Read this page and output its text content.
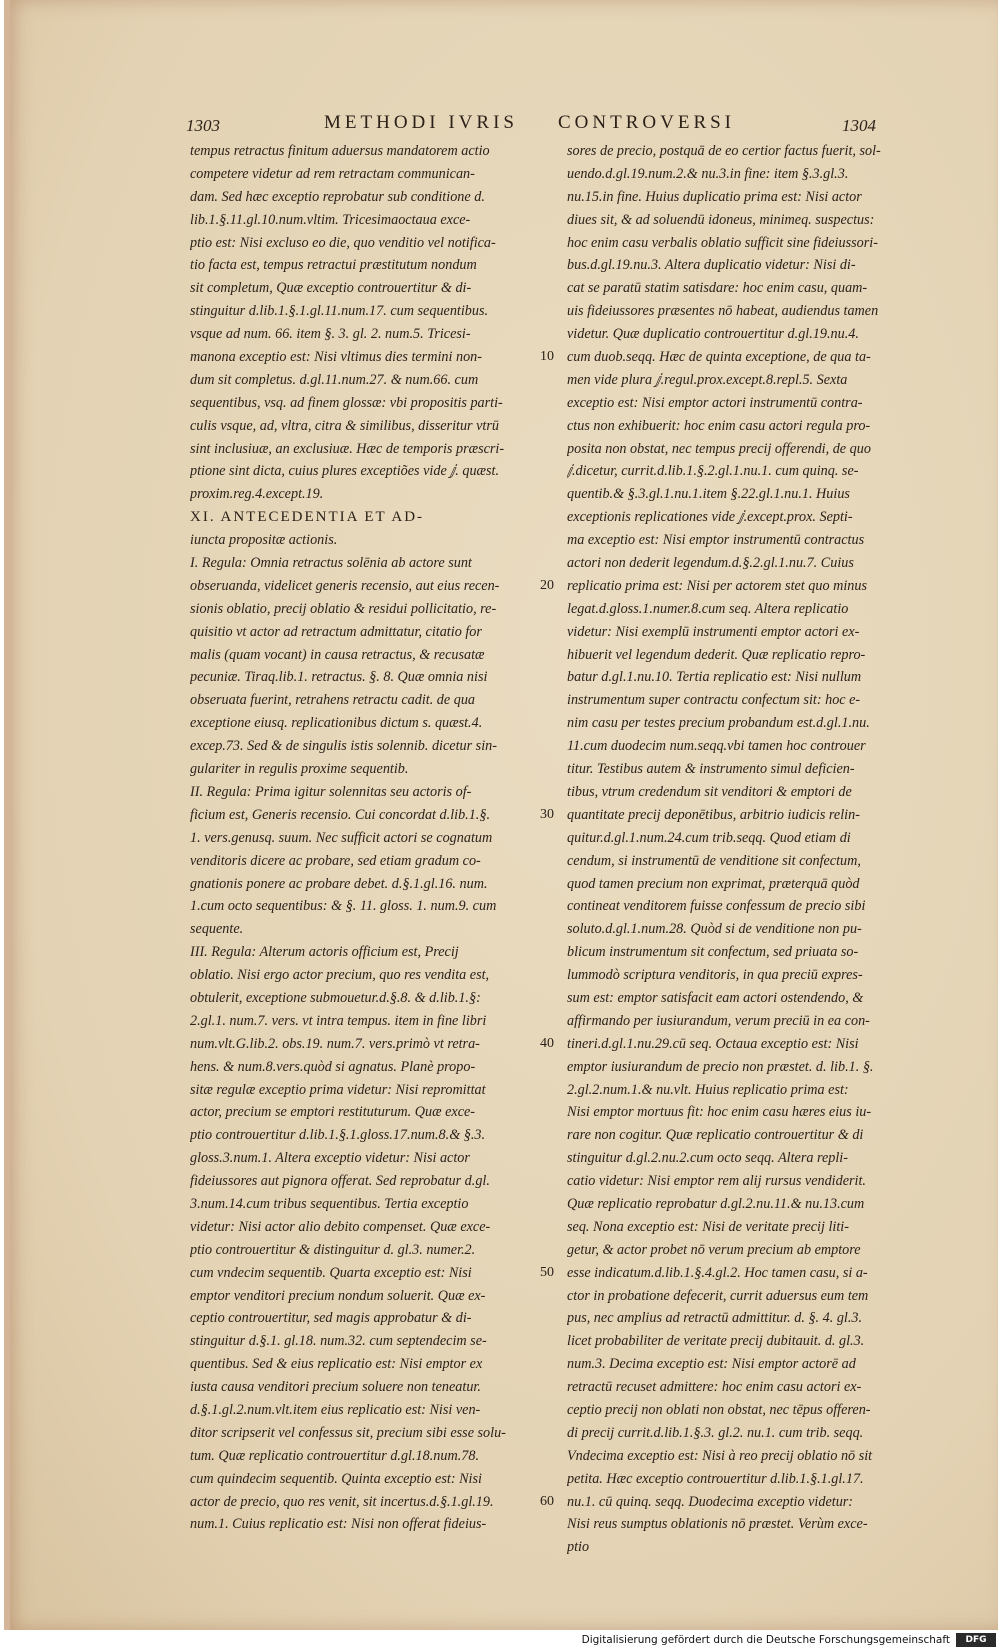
1303	METHODI IVRIS CONTROVERSI	1304
tempus retractus finitum aduersus mandatorem actio
competere videtur ad rem retractam communican-
dam. Sed hæc exceptio reprobatur sub conditione d.
lib.1.§.11.gl.10.num.vltim. Tricesimaoctaua exce-
ptio est: Nisi excluso eo die, quo venditio vel notifica-
tio facta est, tempus retractui præstitutum nondum
sit completum, Quæ exceptio controuertitur & di-
stinguitur d.lib.1.§.1.gl.11.num.17. cum sequentibus.
vsque ad num. 66. item §. 3. gl. 2. num.5. Tricesi-
manona exceptio est: Nisi vltimus dies termini non-
dum sit completus. d.gl.11.num.27. & num.66. cum
sequentibus, vsq. ad finem glossæ: vbi propositis parti-
culis vsque, ad, vltra, citra & similibus, disseritur vtrū
sint inclusiuæ, an exclusiuæ. Hæc de temporis præscri-
ptione sint dicta, cuius plures exceptiões vide ⅉ. quæst.
proxim.reg.4.except.19.
XI. ANTECEDENTIA ET AD-
iuncta propositæ actionis.
I. Regula: Omnia retractus solēnia ab actore sunt
obseruanda, videlicet generis recensio, aut eius recen-
sionis oblatio, precij oblatio & residui pollicitatio, re-
quisitio vt actor ad retractum admittatur, citatio for
malis (quam vocant) in causa retractus, & recusatæ
pecuniæ. Tiraq.lib.1. retractus. §. 8. Quæ omnia nisi
obseruata fuerint, retrahens retractu cadit. de qua
exceptione eiusq. replicationibus dictum s. quæst.4.
excep.73. Sed & de singulis istis solennib. dicetur sin-
gulariter in regulis proxime sequentib.
II. Regula: Prima igitur solennitas seu actoris of-
ficium est, Generis recensio. Cui concordat d.lib.1.§.
1. vers.genusq. suum. Nec sufficit actori se cognatum
venditoris dicere ac probare, sed etiam gradum co-
gnationis ponere ac probare debet. d.§.1.gl.16. num.
1.cum octo sequentibus: & §. 11. gloss. 1. num.9. cum
sequente.
III. Regula: Alterum actoris officium est, Precij
oblatio. Nisi ergo actor precium, quo res vendita est,
obtulerit, exceptione submouetur.d.§.8. & d.lib.1.§:
2.gl.1. num.7. vers. vt intra tempus. item in fine libri
num.vlt.G.lib.2. obs.19. num.7. vers.primò vt retra-
hens. & num.8.vers.quòd si agnatus. Planè propo-
sitæ regulæ exceptio prima videtur: Nisi repromittat
actor, precium se emptori restituturum. Quæ exce-
ptio controuertitur d.lib.1.§.1.gloss.17.num.8.& §.3.
gloss.3.num.1. Altera exceptio videtur: Nisi actor
fideiussores aut pignora offerat. Sed reprobatur d.gl.
3.num.14.cum tribus sequentibus. Tertia exceptio
videtur: Nisi actor alio debito compenset. Quæ exce-
ptio controuertitur & distinguitur d. gl.3. numer.2.
cum vndecim sequentib. Quarta exceptio est: Nisi
emptor venditori precium nondum soluerit. Quæ ex-
ceptio controuertitur, sed magis approbatur & di-
stinguitur d.§.1. gl.18. num.32. cum septendecim se-
quentibus. Sed & eius replicatio est: Nisi emptor ex
iusta causa venditori precium soluere non teneatur.
d.§.1.gl.2.num.vlt.item eius replicatio est: Nisi ven-
ditor scripserit vel confessus sit, precium sibi esse solu-
tum. Quæ replicatio controuertitur d.gl.18.num.78.
cum quindecim sequentib. Quinta exceptio est: Nisi
actor de precio, quo res venit, sit incertus.d.§.1.gl.19.
num.1. Cuius replicatio est: Nisi non offerat fideius-
sores de precio, postquā de eo certior factus fuerit, sol-
uendo.d.gl.19.num.2.& nu.3.in fine: item §.3.gl.3.
nu.15.in fine. Huius duplicatio prima est: Nisi actor
diues sit, & ad soluendū idoneus, minimeq. suspectus:
hoc enim casu verbalis oblatio sufficit sine fideiussori-
bus.d.gl.19.nu.3. Altera duplicatio videtur: Nisi di-
cat se paratū statim satisdare: hoc enim casu, quam-
uis fideiussores præsentes nō habeat, audiendus tamen
videtur. Quæ duplicatio controuertitur d.gl.19.nu.4.
cum duob.seqq. Hæc de quinta exceptione, de qua ta-
men vide plura ⅉ.regul.prox.except.8.repl.5. Sexta
exceptio est: Nisi emptor actori instrumentū contra-
ctus non exhibuerit: hoc enim casu actori regula pro-
posita non obstat, nec tempus precij offerendi, de quo
ⅉ.dicetur, currit.d.lib.1.§.2.gl.1.nu.1. cum quinq. se-
quentib.& §.3.gl.1.nu.1.item §.22.gl.1.nu.1. Huius
exceptionis replicationes vide ⅉ.except.prox. Septi-
ma exceptio est: Nisi emptor instrumentū contractus
actori non dederit legendum.d.§.2.gl.1.nu.7. Cuius
replicatio prima est: Nisi per actorem stet quo minus
legat.d.gloss.1.numer.8.cum seq. Altera replicatio
videtur: Nisi exemplū instrumenti emptor actori ex-
hibuerit vel legendum dederit. Quæ replicatio repro-
batur d.gl.1.nu.10. Tertia replicatio est: Nisi nullum
instrumentum super contractu confectum sit: hoc e-
nim casu per testes precium probandum est.d.gl.1.nu.
11.cum duodecim num.seqq.vbi tamen hoc controuer
titur. Testibus autem & instrumento simul deficien-
tibus, vtrum credendum sit venditori & emptori de
quantitate precij deponētibus, arbitrio iudicis relin-
quitur.d.gl.1.num.24.cum trib.seqq. Quod etiam di
cendum, si instrumentū de venditione sit confectum,
quod tamen precium non exprimat, præterquā quòd
contineat venditorem fuisse confessum de precio sibi
soluto.d.gl.1.num.28. Quòd si de venditione non pu-
blicum instrumentum sit confectum, sed priuata so-
lummodò scriptura venditoris, in qua preciū expres-
sum est: emptor satisfacit eam actori ostendendo, &
affirmando per iusiurandum, verum preciū in ea con-
tineri.d.gl.1.nu.29.cū seq. Octaua exceptio est: Nisi
emptor iusiurandum de precio non præstet. d. lib.1. §.
2.gl.2.num.1.& nu.vlt. Huius replicatio prima est:
Nisi emptor mortuus fit: hoc enim casu hæres eius iu-
rare non cogitur. Quæ replicatio controuertitur & di
stinguitur d.gl.2.nu.2.cum octo seqq. Altera repli-
catio videtur: Nisi emptor rem alij rursus vendiderit.
Quæ replicatio reprobatur d.gl.2.nu.11.& nu.13.cum
seq. Nona exceptio est: Nisi de veritate precij liti-
getur, & actor probet nō verum precium ab emptore
esse indicatum.d.lib.1.§.4.gl.2. Hoc tamen casu, si a-
ctor in probatione defecerit, currit aduersus eum tem
pus, nec amplius ad retractū admittitur. d. §. 4. gl.3.
licet probabiliter de veritate precij dubitauit. d. gl.3.
num.3. Decima exceptio est: Nisi emptor actorē ad
retractū recuset admittere: hoc enim casu actori ex-
ceptio precij non oblati non obstat, nec tēpus offeren-
di precij currit.d.lib.1.§.3. gl.2. nu.1. cum trib. seqq.
Vndecima exceptio est: Nisi à reo precij oblatio nō sit
petita. Hæc exceptio controuertitur d.lib.1.§.1.gl.17.
nu.1. cū quinq. seqq. Duodecima exceptio videtur:
Nisi reus sumptus oblationis nō præstet. Verùm exce-
ptio
10
20
30
40
50
60
Digitalisierung gefördert durch die Deutsche Forschungsgemeinschaft	DFG
